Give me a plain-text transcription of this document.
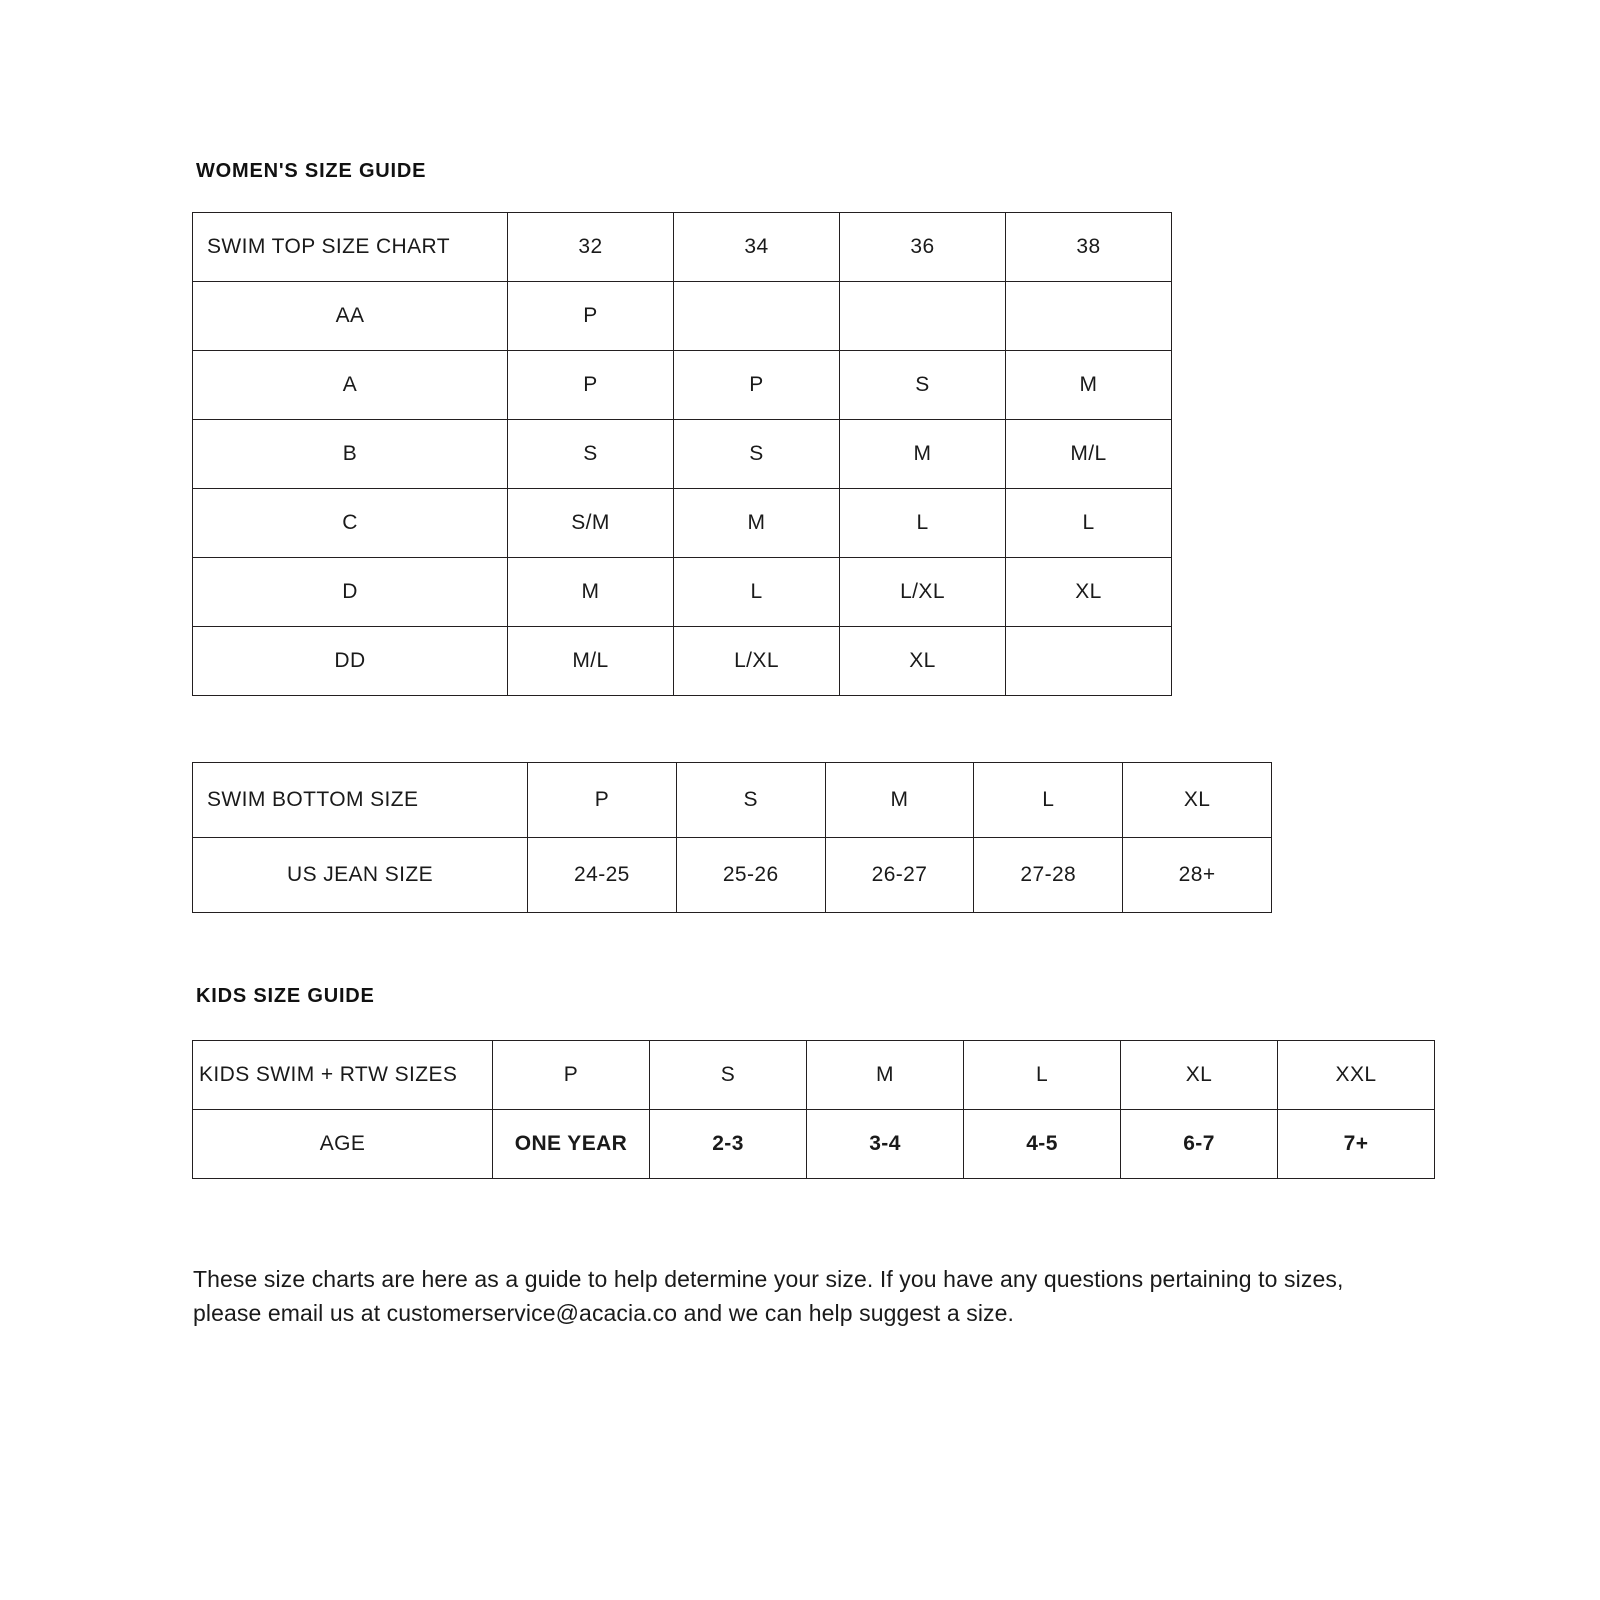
WOMEN'S SIZE GUIDE
SWIM TOP SIZE CHART	32	34	36	38
AA	P			
A	P	P	S	M
B	S	S	M	M/L
C	S/M	M	L	L
D	M	L	L/XL	XL
DD	M/L	L/XL	XL	
SWIM BOTTOM SIZE	P	S	M	L	XL
US JEAN SIZE	24-25	25-26	26-27	27-28	28+
KIDS SIZE GUIDE
KIDS SWIM + RTW SIZES	P	S	M	L	XL	XXL
AGE	ONE YEAR	2-3	3-4	4-5	6-7	7+
These size charts are here as a guide to help determine your size. If you have any questions pertaining to sizes, please email us at customerservice@acacia.co and we can help suggest a size.
